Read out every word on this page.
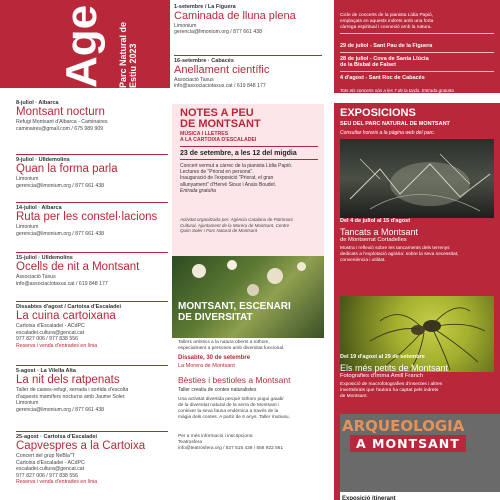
Age Parc Natural de
Estiu 2023
8-juliol · Albarca
Montsant nocturn
Refugi Montsant d'Albarca - Caminaires
caminaires@gmail.com / 675 989 909
9-juliol · Ulldemolins
Quan la forma parla
Limonium
gerencia@limonium.org / 877 661 438
14-juliol · Albarca
Ruta per les constel·lacions
Limonium
gerencia@limonium.org / 877 661 438
15-juliol · Ulldemolins
Ocells de nit a Montsant
Associació Taxus
info@associaciotaxus.cat / 619 848 177
Dissabtes d'agost / Cartoixa d'Escaladei
La cuina cartoixana
Cartoixa d'Escaladei - ACdPC
escaladei.cultura@gencat.cat
977 827 006 / 977 838 556
Reserva i venda d'entrades en línia
5-agost · La Vilella Alta
La nit dels ratpenats
Taller de caixes-refugi, xerrada i sortida d'escolta
d'aquests mamífers nocturns amb Jaume Soler.
Limonium
gerencia@limonium.org / 877 661 438
25-agost · Cartoixa d'Escaladei
Capvespres a la Cartoixa
Concert del grup NeBla"T
Cartoixa d'Escaladei - ACdPC
escaladei.cultura@gencat.cat
977 827 006 / 977 838 556
Reserva i venda d'entrades en línia
1-setembre / La Figuera
Caminada de lluna plena
Limonium
gerencia@limonium.org / 877 661 438
16-setembre · Cabacés
Anellament científic
Associació Taxus
info@associaciotaxus.cat / 619 848 177
NOTES A PEU
DE MONTSANT
MÚSICA I LLETRES
A LA CARTOIXA D'ESCALADEI
23 de setembre, a les 12 del migdia
Concert vermut a càrrec de la pianista Lídia Papió.
Lectures de "Priorat en persona".
Inauguració de l'exposició "Priorat, el gran
allunyament" d'Hervé Sioux i Anaïs Boudet.
Entrada gratuïta
Activitat organitzada per: Agència Catalana de Patrimoni
Cultural, Ajuntament de la Morera de Montsant, Centre
Quim Soler i Parc Natural de Montsant
MONTSANT, ESCENARI
DE DIVERSITAT
Tallers artístics a la natura oberts a tothom,
especialment a persones amb diversitat funcional.
Dissabte, 30 de setembre
La Morera de Montsant
Bèsties i bestioles a Montsant
Taller creatiu de contes naturalistes
Una activitat divertida perquè tothom pugui gaudir
de la diversitat natural de la serra de Montsant i
conèixer la seva fauna endèmica a través de la
màgia dels contes. A partir de 6 anys. Taller mutiusu.
Per a més informació i inscripcions:
Teatrosfera
info@teatrosfera.org / 627 515 439 / 658 922 561
Cicle de concerts de la pianista Lídia Papió,
emplaçats en aquests indrets amb una forta
càrrega espiritual i connexió amb la natura.
29 de juliol - Sant Pau de la Figuera
28 de juliol - Cova de Santa Llúcia
de la Bisbal de Falset
4 d'agost - Sant Roc de Cabacés
Tots els concerts són a les 7 de la tarda. Entrada gratuïta
EXPOSICIONS
SEU DEL PARC NATURAL DE MONTSANT
Consultar horaris a la pàgina web del parc.
Del 4 de juliol al 15 d'agost
Tancats a Montsant
de Montserrat Cortadelles
Mostra i reflexió sobre les tancaments dels terrenys
dedicats a l'explotació agrària: sobre la seva necessitat,
conveniència i utilitat.
Del 19 d'agost al 29 de setembre
Els més petits de Montsant
Fotografies d'Imma Amill Franch
Exposició de macrofotografies d'insectes i altres
invertebrats que l'autora ha captat pels indrets
de Montsant.
ARQUEOLOGIA
A MONTSANT
Exposició itinerant
